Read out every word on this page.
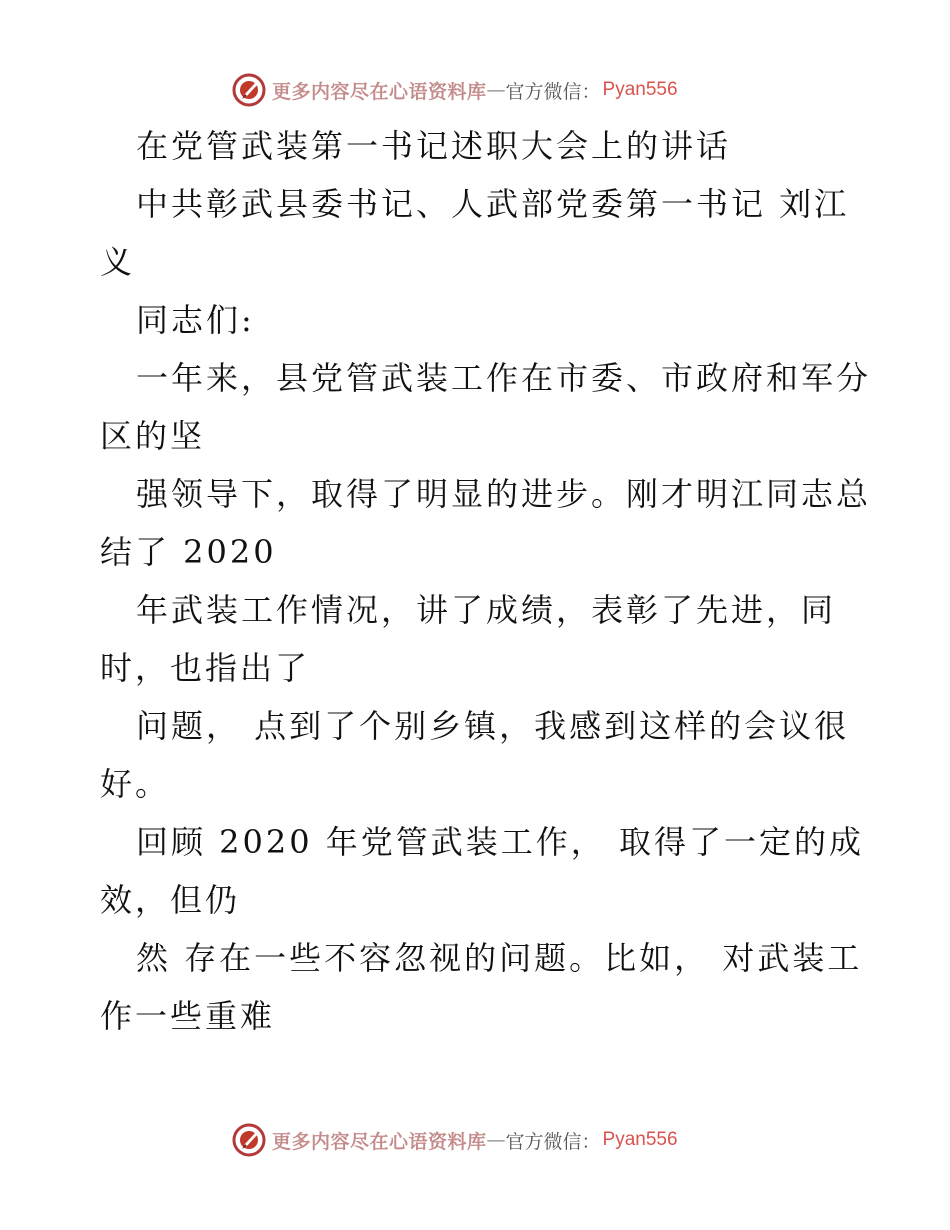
更多内容尽在心语资料库 — 官方微信： Pyan556
在党管武装第一书记述职大会上的讲话
中共彰武县委书记、人武部党委第一书记 刘江
义
同志们:
一年来，县党管武装工作在市委、市政府和军分
区的坚
强领导下，取得了明显的进步。刚才明江同志总
结了 2020
年武装工作情况，讲了成绩，表彰了先进，同
时，也指出了
问题， 点到了个别乡镇，我感到这样的会议很
好。
回顾 2020 年党管武装工作， 取得了一定的成
效，但仍
然 存在一些不容忽视的问题。比如， 对武装工
作一些重难
更多内容尽在心语资料库 — 官方微信： Pyan556
